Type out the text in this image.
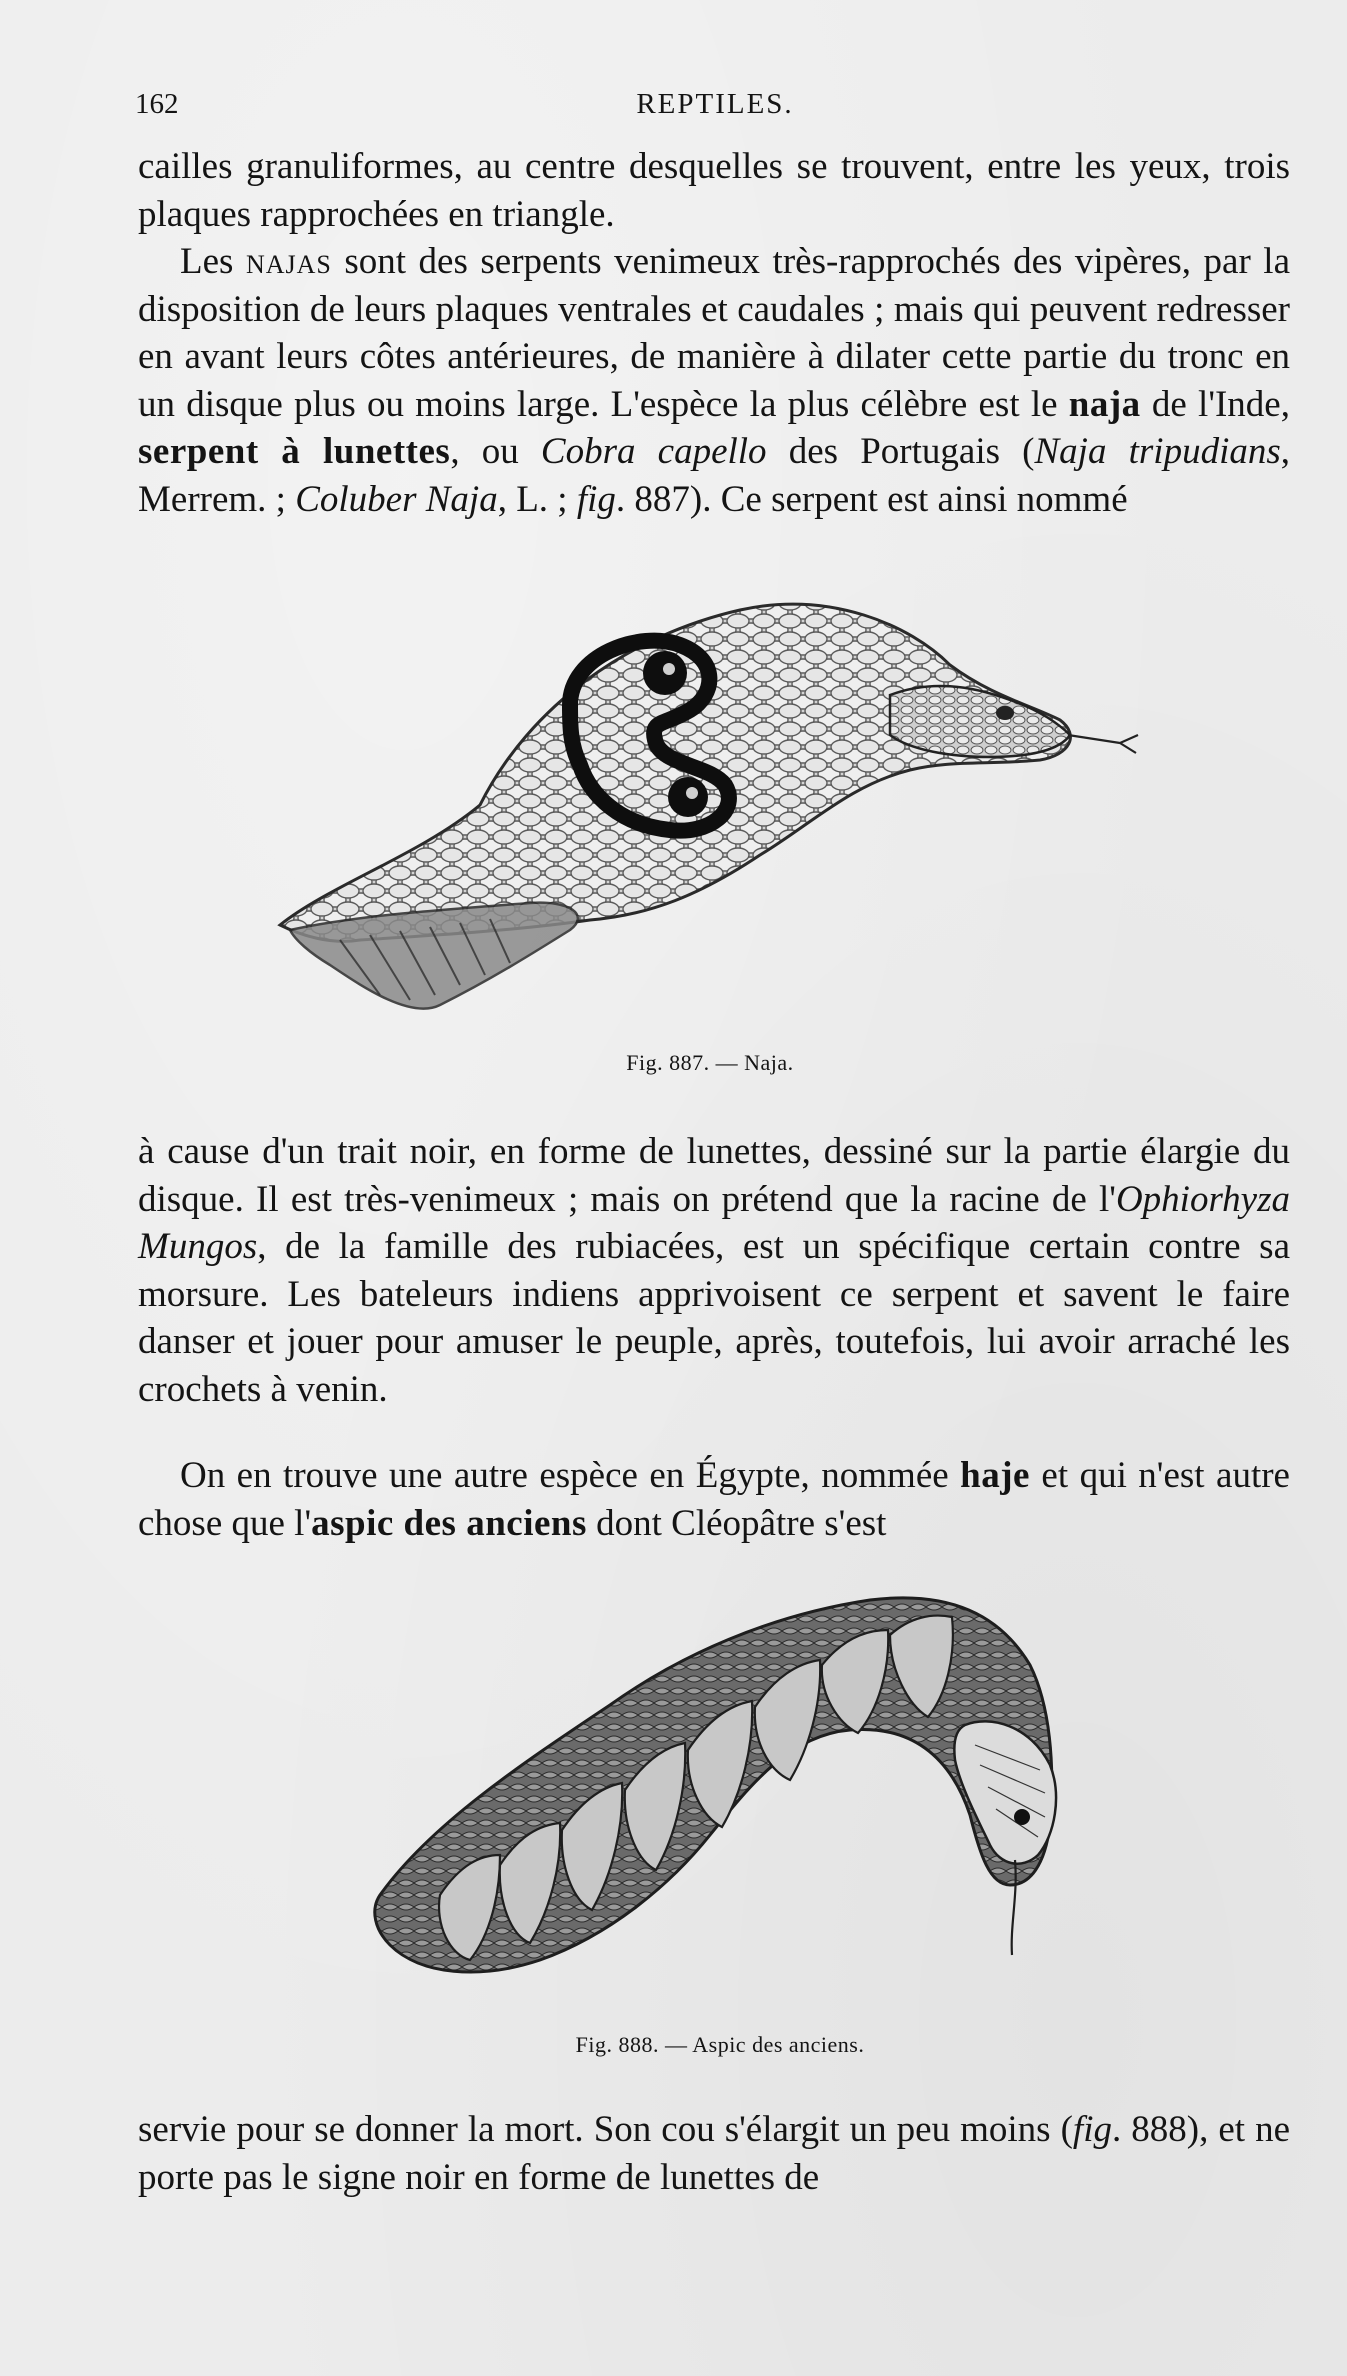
162	REPTILES.

cailles granuliformes, au centre desquelles se trouvent, entre les yeux, trois plaques rapprochées en triangle.

Les najas sont des serpents venimeux très-rapprochés des vipères, par la disposition de leurs plaques ventrales et caudales ; mais qui peuvent redresser en avant leurs côtes antérieures, de manière à dilater cette partie du tronc en un disque plus ou moins large. L'espèce la plus célèbre est le naja de l'Inde, serpent à lunettes, ou Cobra capello des Portugais (Naja tripudians, Merrem. ; Coluber Naja, L. ; fig. 887). Ce serpent est ainsi nommé

Fig. 887. — Naja.

à cause d'un trait noir, en forme de lunettes, dessiné sur la partie élargie du disque. Il est très-venimeux ; mais on prétend que la racine de l'Ophiorhyza Mungos, de la famille des rubiacées, est un spécifique certain contre sa morsure. Les bateleurs indiens apprivoisent ce serpent et savent le faire danser et jouer pour amuser le peuple, après, toutefois, lui avoir arraché les crochets à venin.

On en trouve une autre espèce en Égypte, nommée haje et qui n'est autre chose que l'aspic des anciens dont Cléopâtre s'est

Fig. 888. — Aspic des anciens.

servie pour se donner la mort. Son cou s'élargit un peu moins (fig. 888), et ne porte pas le signe noir en forme de lunettes de
